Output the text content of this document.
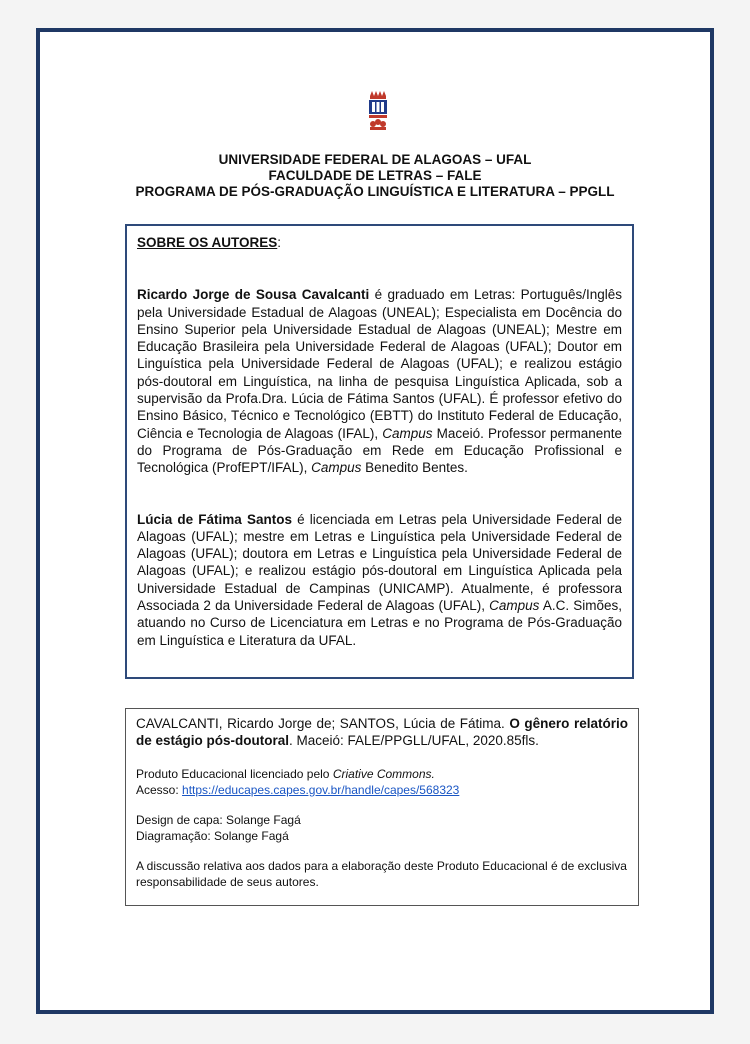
UNIVERSIDADE FEDERAL DE ALAGOAS – UFAL
FACULDADE DE LETRAS – FALE
PROGRAMA DE PÓS-GRADUAÇÃO LINGUÍSTICA E LITERATURA – PPGLL

SOBRE OS AUTORES:

Ricardo Jorge de Sousa Cavalcanti é graduado em Letras: Português/Inglês pela Universidade Estadual de Alagoas (UNEAL); Especialista em Docência do Ensino Superior pela Universidade Estadual de Alagoas (UNEAL); Mestre em Educação Brasileira pela Universidade Federal de Alagoas (UFAL); Doutor em Linguística pela Universidade Federal de Alagoas (UFAL); e realizou estágio pós-doutoral em Linguística, na linha de pesquisa Linguística Aplicada, sob a supervisão da Profa.Dra. Lúcia de Fátima Santos (UFAL). É professor efetivo do Ensino Básico, Técnico e Tecnológico (EBTT) do Instituto Federal de Educação, Ciência e Tecnologia de Alagoas (IFAL), Campus Maceió. Professor permanente do Programa de Pós-Graduação em Rede em Educação Profissional e Tecnológica (ProfEPT/IFAL), Campus Benedito Bentes.

Lúcia de Fátima Santos é licenciada em Letras pela Universidade Federal de Alagoas (UFAL); mestre em Letras e Linguística pela Universidade Federal de Alagoas (UFAL); doutora em Letras e Linguística pela Universidade Federal de Alagoas (UFAL); e realizou estágio pós-doutoral em Linguística Aplicada pela Universidade Estadual de Campinas (UNICAMP). Atualmente, é professora Associada 2 da Universidade Federal de Alagoas (UFAL), Campus A.C. Simões, atuando no Curso de Licenciatura em Letras e no Programa de Pós-Graduação em Linguística e Literatura da UFAL.

CAVALCANTI, Ricardo Jorge de; SANTOS, Lúcia de Fátima. O gênero relatório de estágio pós-doutoral. Maceió: FALE/PPGLL/UFAL, 2020.85fls.

Produto Educacional licenciado pelo Criative Commons.
Acesso: https://educapes.capes.gov.br/handle/capes/568323

Design de capa: Solange Fagá

Diagramação: Solange Fagá

A discussão relativa aos dados para a elaboração deste Produto Educacional é de exclusiva responsabilidade de seus autores.
